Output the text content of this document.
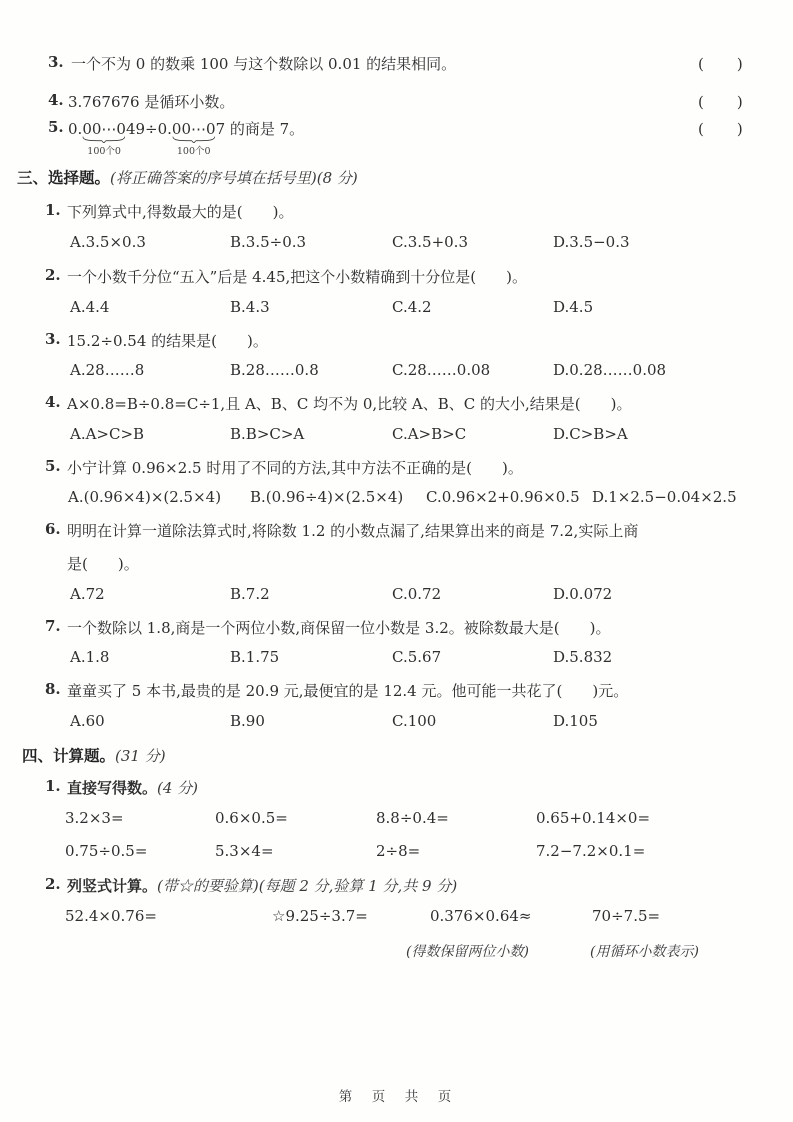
3. 一个不为 0 的数乘 100 与这个数除以 0.01 的结果相同。	(　　)
4. 3.767676 是循环小数。	(　　)
5. 0.00⋯0
100个0
49÷0.00⋯0
100个0
7 的商是 7。	(　　)
三、选择题。(将正确答案的序号填在括号里)(8 分)
1. 下列算式中,得数最大的是(　　)。
A.3.5×0.3	B.3.5÷0.3	C.3.5+0.3	D.3.5−0.3
2. 一个小数千分位“五入”后是 4.45,把这个小数精确到十分位是(　　)。
A.4.4	B.4.3	C.4.2	D.4.5
3. 15.2÷0.54 的结果是(　　)。
A.28……8	B.28……0.8	C.28……0.08	D.0.28……0.08
4. A×0.8=B÷0.8=C÷1,且 A、B、C 均不为 0,比较 A、B、C 的大小,结果是(　　)。
A.A>C>B	B.B>C>A	C.A>B>C	D.C>B>A
5. 小宁计算 0.96×2.5 时用了不同的方法,其中方法不正确的是(　　)。
A.(0.96×4)×(2.5×4) B.(0.96÷4)×(2.5×4) C.0.96×2+0.96×0.5 D.1×2.5−0.04×2.5
6. 明明在计算一道除法算式时,将除数 1.2 的小数点漏了,结果算出来的商是 7.2,实际上商
是(　　)。
A.72	B.7.2	C.0.72	D.0.072
7. 一个数除以 1.8,商是一个两位小数,商保留一位小数是 3.2。被除数最大是(　　)。
A.1.8	B.1.75	C.5.67	D.5.832
8. 童童买了 5 本书,最贵的是 20.9 元,最便宜的是 12.4 元。他可能一共花了(　　)元。
A.60	B.90	C.100	D.105
四、计算题。(31 分)
1. 直接写得数。(4 分)
3.2×3=	0.6×0.5=	8.8÷0.4=	0.65+0.14×0=
0.75÷0.5=	5.3×4=	2÷8=	7.2−7.2×0.1=
2. 列竖式计算。(带☆的要验算)(每题 2 分,验算 1 分,共 9 分)
52.4×0.76=	☆9.25÷3.7=	0.376×0.64≈	70÷7.5=
(得数保留两位小数)	(用循环小数表示)
第　页　共　页
